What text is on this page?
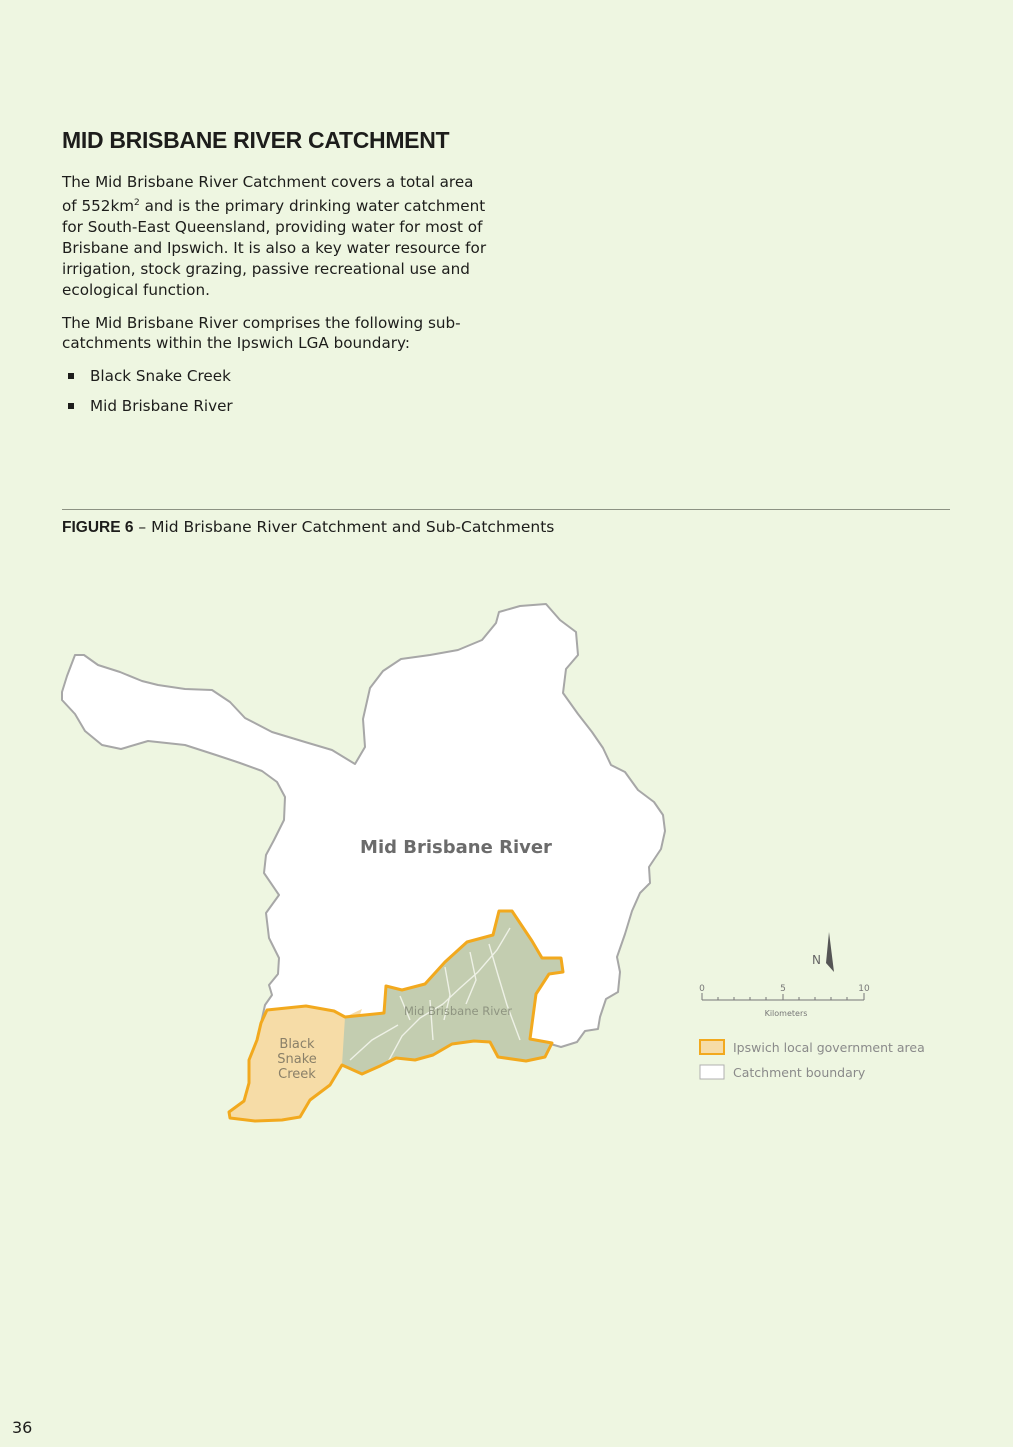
MID BRISBANE RIVER CATCHMENT

The Mid Brisbane River Catchment covers a total area of $552km^2$ and is the primary drinking water catchment for South-East Queensland, providing water for most of Brisbane and Ipswich. It is also a key water resource for irrigation, stock grazing, passive recreational use and ecological function.

The Mid Brisbane River comprises the following sub-catchments within the Ipswich LGA boundary:

Black Snake Creek
Mid Brisbane River
FIGURE 6 – Mid Brisbane River Catchment and Sub-Catchments
Mid Brisbane River
Mid Brisbane River
Black
Snake
Creek
N
0	5	10
Kilometers
Ipswich local government area
Catchment boundary
36
